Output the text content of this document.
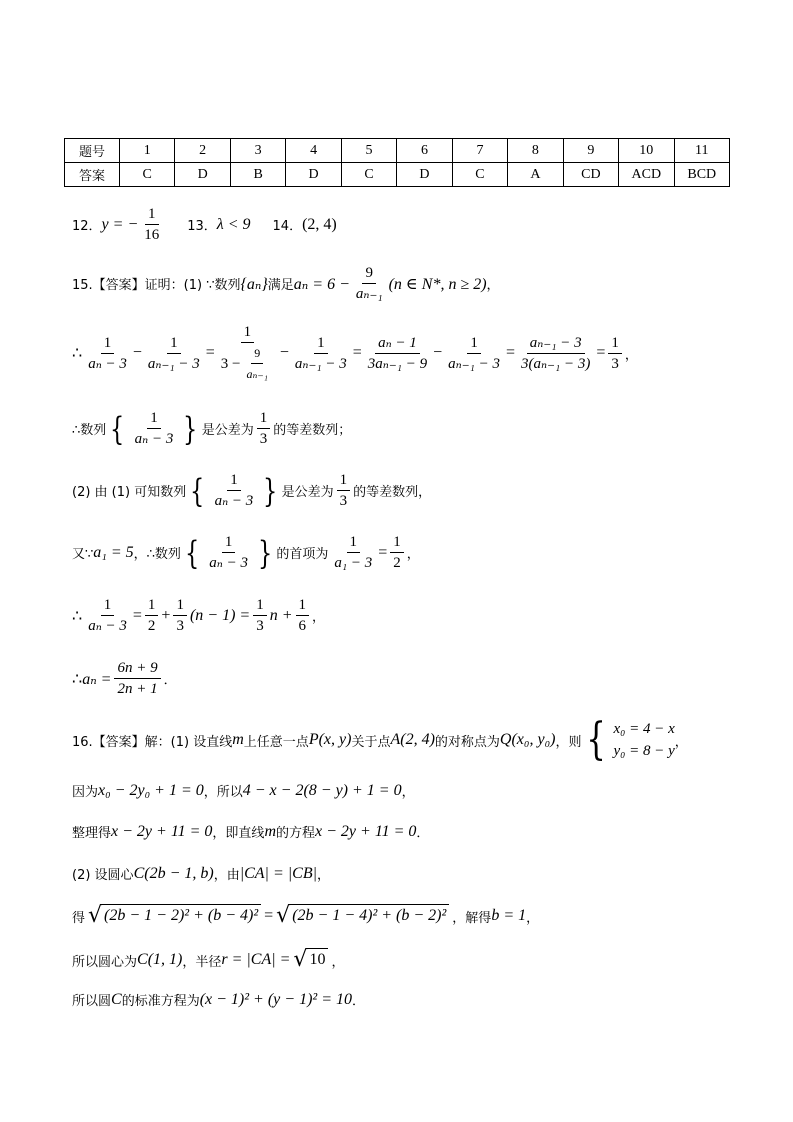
题号	1	2	3	4	5	6	7	8	9	10	11
答案	C	D	B	D	C	D	C	A	CD	ACD	BCD
12． y = − $\frac{1}{16} 13$． λ < 9 14． (2, 4)
15.【答案】证明：(1) ∵数列 {aₙ} 满足 $a_n = 6 - \frac{9}{\text{aₙ₋₁}} (n$ ∈ N*, n ≥ 2) ，
∴ $\frac{1}{\text{aₙ − 3}} - \frac{1}{\text{aₙ₋₁ − 3}} = \frac{1}{3 - \frac{9}{\text{aₙ₋₁}}} - \frac{1}{\text{aₙ₋₁ − 3}} = \frac{\text{aₙ − 1}}{\text{3aₙ₋₁ − 9}} - \frac{1}{\text{aₙ₋₁ − 3}} = \frac{\text{aₙ₋₁ − 3}}{\text{3(aₙ₋₁ − 3)}} = \frac{1}{3}$ ，
∴数列 { $\frac{1}{\text{aₙ − 3}}$ } 是公差为 $\frac{1}{3}$ 的等差数列；
(2) 由 (1) 可知数列 { $\frac{1}{\text{aₙ − 3}}$ } 是公差为 $\frac{1}{3}$ 的等差数列，
又∵ a₁ = 5 ，∴数列 { $\frac{1}{\text{aₙ − 3}}$ } 的首项为 $\frac{1}{\text{a₁ − 3}} = \frac{1}{2}$ ，
∴ $\frac{1}{\text{aₙ − 3}} = \frac{1}{2} + \frac{1}{3} (n - 1) = \frac{1}{3}$ $n + \frac{1}{6}$ ，
∴ $a_n = \frac{6n + 9}{2n + 1}$ ．
16.【答案】解：(1) 设直线 m 上任意一点 P(x, y) 关于点 A(2, 4) 的对称点为 Q(x₀, y₀) ，则 { x₀ = 4 − x
y₀ = 8 − y
，
因为 x₀ − 2y₀ + 1 = 0 ，所以 4 − x − 2(8 − y) + 1 = 0 ，
整理得 x − 2y + 11 = 0 ，即直线 m 的方程 x − 2y + 11 = 0 ．
(2) 设圆心 C(2b − 1, b) ，由 |CA| = |CB| ，
得 √ (2b − 1 − 2)² + (b − 4)² = √ (2b − 1 − 4)² + (b − 2)² ，解得 b = 1 ，
所以圆心为 C(1, 1) ，半径 r = |CA| = √ 10 ，
所以圆 C 的标准方程为 (x − 1)² + (y − 1)² = 10 ．
